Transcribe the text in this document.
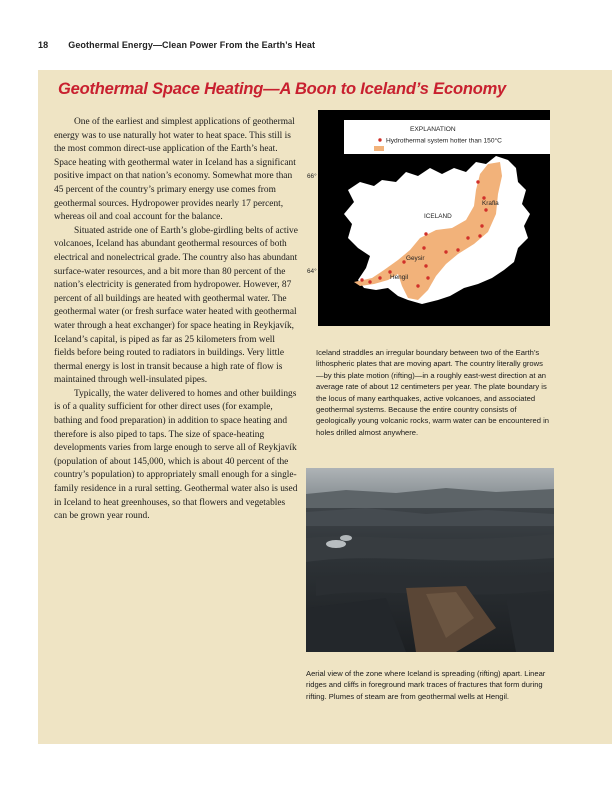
18 Geothermal Energy—Clean Power From the Earth’s Heat
Geothermal Space Heating—A Boon to Iceland’s Economy

One of the earliest and simplest applications of geothermal energy was to use naturally hot water to heat space. This still is the most common direct-use application of the Earth’s heat. Space heating with geothermal water in Iceland has a significant positive impact on that nation’s economy. Somewhat more than 45 percent of the country’s primary energy use comes from geothermal sources. Hydropower provides nearly 17 percent, whereas oil and coal account for the balance.

Situated astride one of Earth’s globe-girdling belts of active volcanoes, Iceland has abundant geothermal resources of both electrical and nonelectrical grade. The country also has abundant surface-water resources, and a bit more than 80 percent of the nation’s electricity is generated from hydropower. However, 87 percent of all buildings are heated with geothermal water. The geothermal water (or fresh surface water heated with geothermal water through a heat exchanger) for space heating in Reykjavík, Iceland’s capital, is piped as far as 25 kilometers from well fields before being routed to radiators in buildings. Very little thermal energy is lost in transit because a high rate of flow is maintained through well-insulated pipes.

Typically, the water delivered to homes and other buildings is of a quality sufficient for other direct uses (for example, bathing and food preparation) in addition to space heating and therefore is also piped to taps. The size of space-heating developments varies from large enough to serve all of Reykjavík (population of about 145,000, which is about 40 percent of the country’s population) to appropriately small enough for a single-family residence in a rural setting. Geothermal water also is used in Iceland to heat greenhouses, so that flowers and vegetables can be grown year round.

EXPLANATION
Hydrothermal system hotter than 150°C
ICELAND
Krafla
Geysir
Hengil
24°	22°	20°	18°	16°	14°
66°
64°
Iceland straddles an irregular boundary between two of the Earth’s lithospheric plates that are moving apart. The country literally grows—by this plate motion (rifting)—in a roughly east-west direction at an average rate of about 12 centimeters per year. The plate boundary is the locus of many earthquakes, active volcanoes, and associated geothermal systems. Because the entire country consists of geologically young volcanic rocks, warm water can be encountered in holes drilled almost anywhere.
Aerial view of the zone where Iceland is spreading (rifting) apart. Linear ridges and cliffs in foreground mark traces of fractures that form during rifting. Plumes of steam are from geothermal wells at Hengil.
